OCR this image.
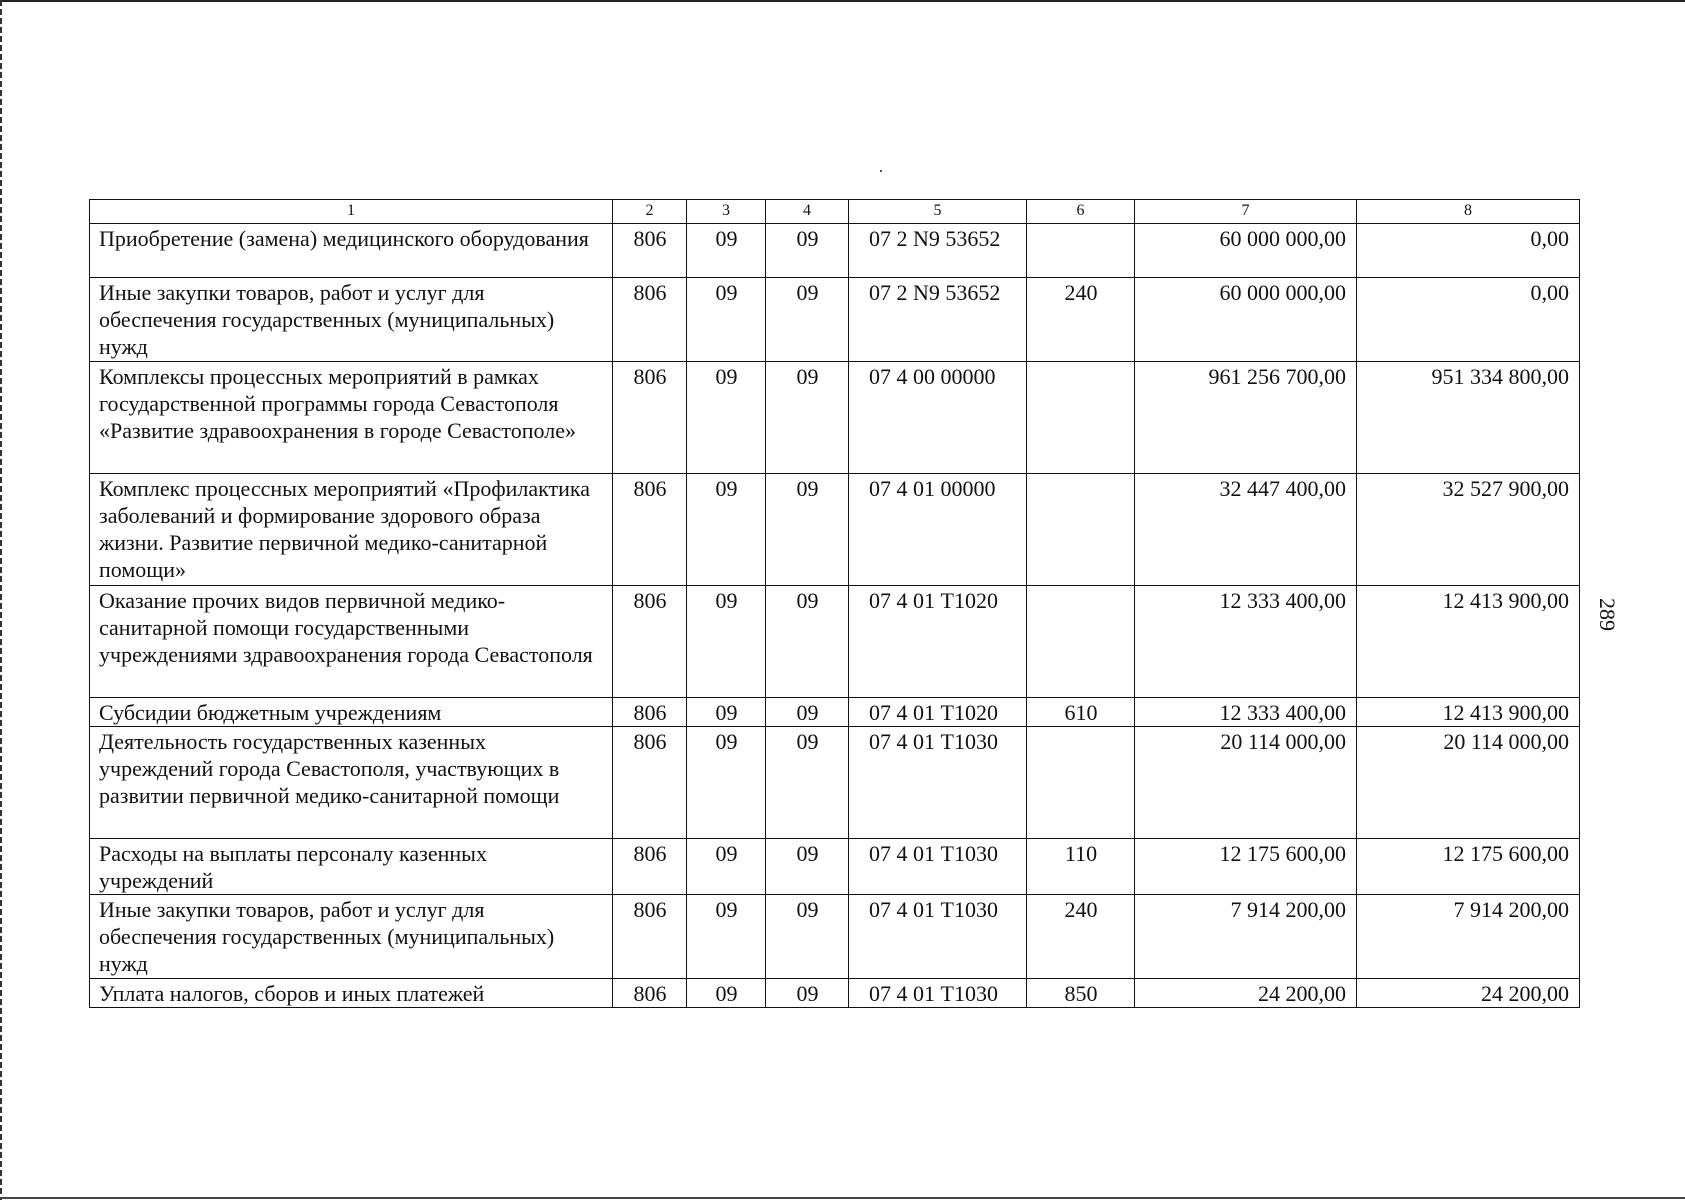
1	2	3	4	5	6	7	8
Приобретение (замена) медицинского оборудования	806	09	09	07 2 N9 53652		60 000 000,00	0,00
Иные закупки товаров, работ и услуг для обеспечения государственных (муниципальных) нужд	806	09	09	07 2 N9 53652	240	60 000 000,00	0,00
Комплексы процессных мероприятий в рамках государственной программы города Севастополя «Развитие здравоохранения в городе Севастополе»	806	09	09	07 4 00 00000		961 256 700,00	951 334 800,00
Комплекс процессных мероприятий «Профилактика заболеваний и формирование здорового образа жизни. Развитие первичной медико-санитарной помощи»	806	09	09	07 4 01 00000		32 447 400,00	32 527 900,00
Оказание прочих видов первичной медико-санитарной помощи государственными учреждениями здравоохранения города Севастополя	806	09	09	07 4 01 Т1020		12 333 400,00	12 413 900,00
Субсидии бюджетным учреждениям	806	09	09	07 4 01 Т1020	610	12 333 400,00	12 413 900,00
Деятельность государственных казенных учреждений города Севастополя, участвующих в развитии первичной медико-санитарной помощи	806	09	09	07 4 01 Т1030		20 114 000,00	20 114 000,00
Расходы на выплаты персоналу казенных учреждений	806	09	09	07 4 01 Т1030	110	12 175 600,00	12 175 600,00
Иные закупки товаров, работ и услуг для обеспечения государственных (муниципальных) нужд	806	09	09	07 4 01 Т1030	240	7 914 200,00	7 914 200,00
Уплата налогов, сборов и иных платежей	806	09	09	07 4 01 Т1030	850	24 200,00	24 200,00
289
